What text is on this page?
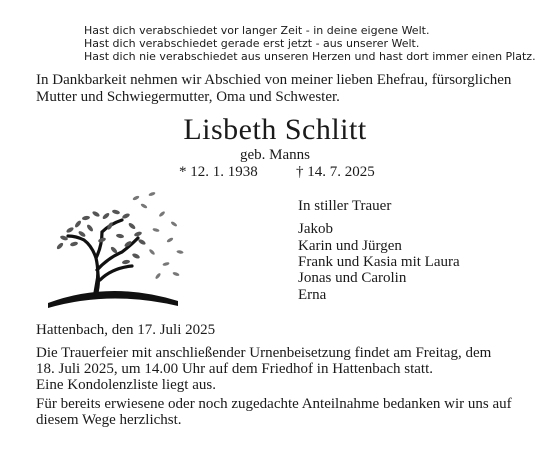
Hast dich verabschiedet vor langer Zeit - in deine eigene Welt.
Hast dich verabschiedet gerade erst jetzt - aus unserer Welt.
Hast dich nie verabschiedet aus unseren Herzen und hast dort immer einen Platz.
In Dankbarkeit nehmen wir Abschied von meiner lieben Ehefrau, fürsorglichen
Mutter und Schwiegermutter, Oma und Schwester.
Lisbeth Schlitt
geb. Manns
* 12. 1. 1938	† 14. 7. 2025
In stiller Trauer
Jakob
Karin und Jürgen
Frank und Kasia mit Laura
Jonas und Carolin
Erna
Hattenbach, den 17. Juli 2025
Die Trauerfeier mit anschließender Urnenbeisetzung findet am Freitag, dem
18. Juli 2025, um 14.00 Uhr auf dem Friedhof in Hattenbach statt.
Eine Kondolenzliste liegt aus.
Für bereits erwiesene oder noch zugedachte Anteilnahme bedanken wir uns auf
diesem Wege herzlichst.
